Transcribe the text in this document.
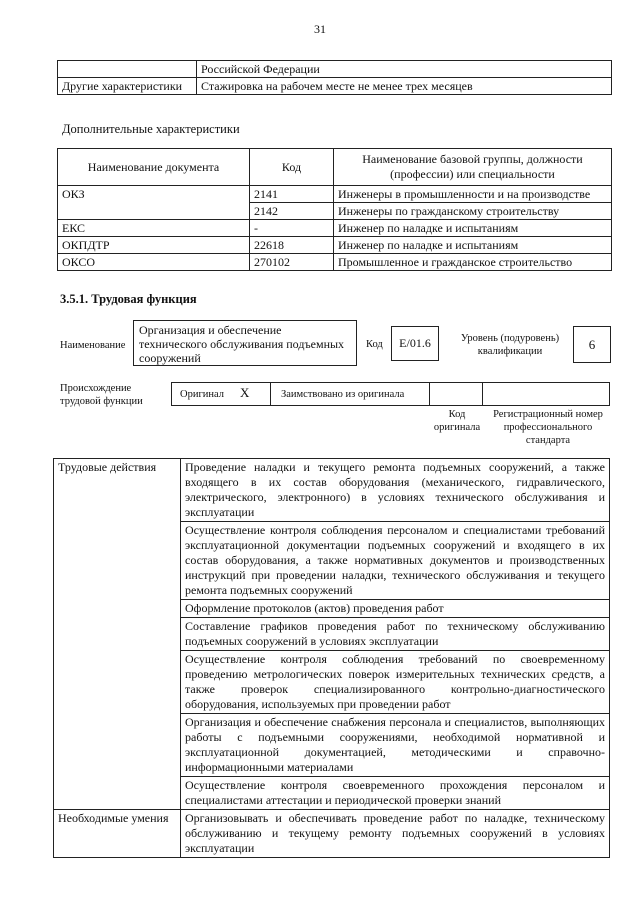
31
	Российской Федерации
Другие характеристики	Стажировка на рабочем месте не менее трех месяцев
Дополнительные характеристики
Наименование документа	Код	Наименование базовой группы, должности (профессии) или специальности
ОКЗ	2141	Инженеры в промышленности и на производстве
	2142	Инженеры по гражданскому строительству
ЕКС	-	Инженер по наладке и испытаниям
ОКПДТР	22618	Инженер по наладке и испытаниям
ОКСО	270102	Промышленное и гражданское строительство
3.5.1. Трудовая функция
Наименование
Организация и обеспечение технического обслуживания подъемных сооружений
Код	E/01.6	Уровень (подуровень) квалификации	6
Происхождение трудовой функции
Оригинал X	Заимствовано из оригинала
Код оригинала
Регистрационный номер профессионального стандарта
Трудовые действия	Проведение наладки и текущего ремонта подъемных сооружений, а также входящего в их состав оборудования (механического, гидравлического, электрического, электронного) в условиях технического обслуживания и эксплуатации
	Осуществление контроля соблюдения персоналом и специалистами требований эксплуатационной документации подъемных сооружений и входящего в их состав оборудования, а также нормативных документов и производственных инструкций при проведении наладки, технического обслуживания и текущего ремонта подъемных сооружений
	Оформление протоколов (актов) проведения работ
	Составление графиков проведения работ по техническому обслуживанию подъемных сооружений в условиях эксплуатации
	Осуществление контроля соблюдения требований по своевременному проведению метрологических поверок измерительных технических средств, а также проверок специализированного контрольно-диагностического оборудования, используемых при проведении работ
	Организация и обеспечение снабжения персонала и специалистов, выполняющих работы с подъемными сооружениями, необходимой нормативной и эксплуатационной документацией, методическими и справочно-информационными материалами
	Осуществление контроля своевременного прохождения персоналом и специалистами аттестации и периодической проверки знаний
Необходимые умения	Организовывать и обеспечивать проведение работ по наладке, техническому обслуживанию и текущему ремонту подъемных сооружений в условиях эксплуатации
